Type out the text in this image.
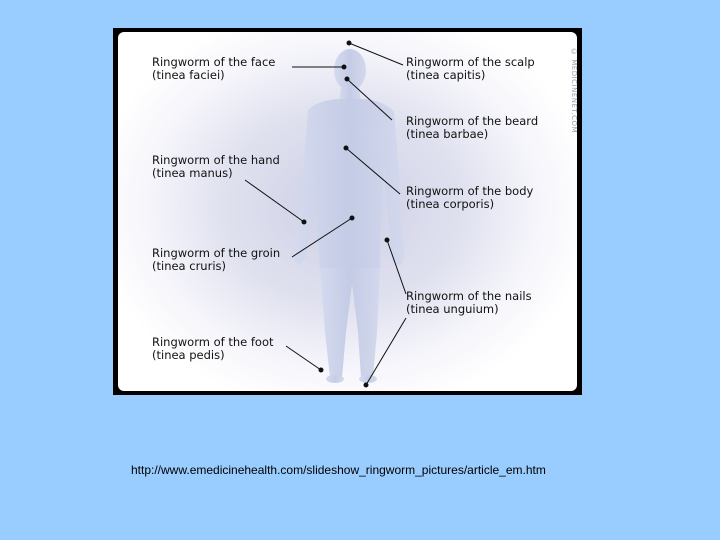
Ringworm of the face
(tinea faciei)
Ringworm of the scalp
(tinea capitis)
Ringworm of the beard
(tinea barbae)
Ringworm of the hand
(tinea manus)
Ringworm of the body
(tinea corporis)
Ringworm of the groin
(tinea cruris)
Ringworm of the nails
(tinea unguium)
Ringworm of the foot
(tinea pedis)
© MEDICINENET.COM
http://www.emedicinehealth.com/slideshow_ringworm_pictures/article_em.htm
